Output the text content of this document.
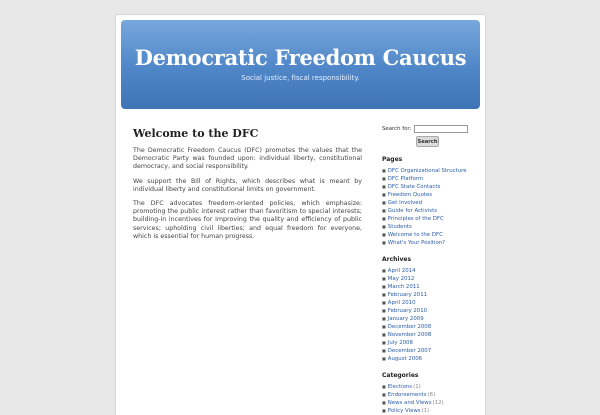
Democratic Freedom Caucus
Social justice, fiscal responsibility.
Welcome to the DFC

The Democratic Freedom Caucus (DFC) promotes the values that the Democratic Party was founded upon: individual liberty, constitutional democracy, and social responsibility.

We support the Bill of Rights, which describes what is meant by individual liberty and constitutional limits on government.

The DFC advocates freedom-oriented policies, which emphasize: promoting the public interest rather than favoritism to special interests; building-in incentives for improving the quality and efficiency of public services; upholding civil liberties; and equal freedom for everyone, which is essential for human progress.

Search for:
Search
Pages
■ DFC Organizational Structure
■ DFC Platform
■ DFC State Contacts
■ Freedom Quotes
■ Get Involved
■ Guide for Activists
■ Principles of the DFC
■ Students
■ Welcome to the DFC
■ What's Your Position?
Archives
■ April 2014
■ May 2012
■ March 2011
■ February 2011
■ April 2010
■ February 2010
■ January 2009
■ December 2008
■ November 2008
■ July 2008
■ December 2007
■ August 2006
Categories
■ Elections(1)
■ Endorsements(6)
■ News and Views(12)
■ Policy Views(1)
